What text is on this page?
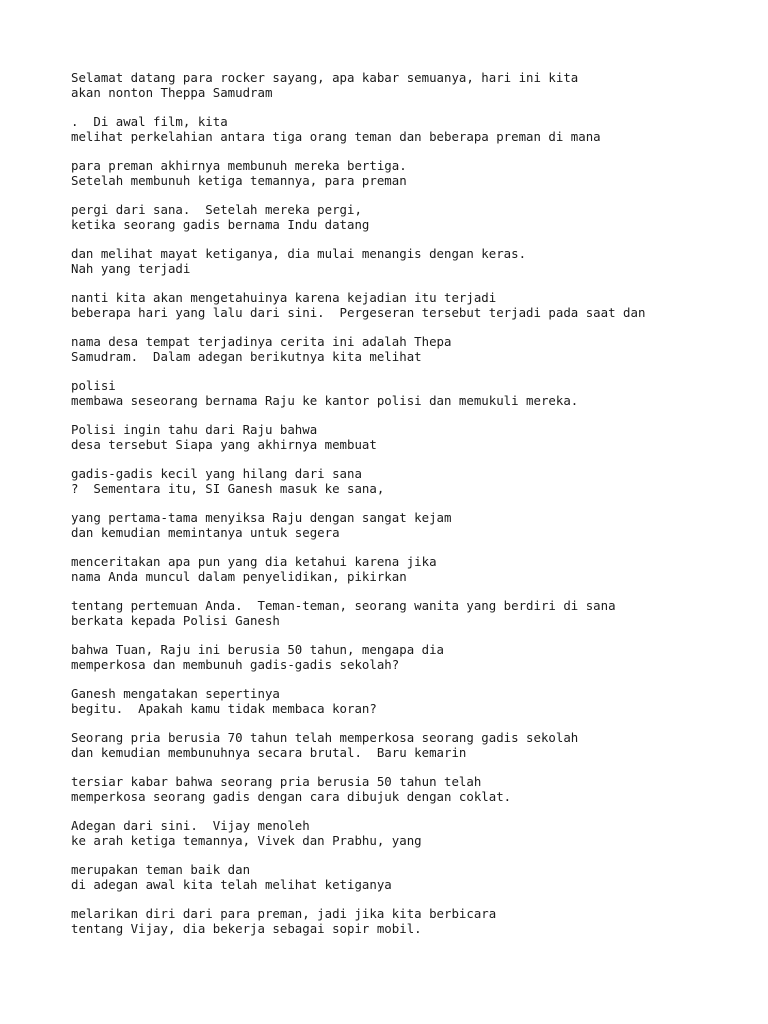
Selamat datang para rocker sayang, apa kabar semuanya, hari ini kita
akan nonton Theppa Samudram
.  Di awal film, kita
melihat perkelahian antara tiga orang teman dan beberapa preman di mana
para preman akhirnya membunuh mereka bertiga.
Setelah membunuh ketiga temannya, para preman
pergi dari sana.  Setelah mereka pergi,
ketika seorang gadis bernama Indu datang
dan melihat mayat ketiganya, dia mulai menangis dengan keras.
Nah yang terjadi
nanti kita akan mengetahuinya karena kejadian itu terjadi
beberapa hari yang lalu dari sini.  Pergeseran tersebut terjadi pada saat dan
nama desa tempat terjadinya cerita ini adalah Thepa
Samudram.  Dalam adegan berikutnya kita melihat
polisi
membawa seseorang bernama Raju ke kantor polisi dan memukuli mereka.
Polisi ingin tahu dari Raju bahwa
desa tersebut Siapa yang akhirnya membuat
gadis-gadis kecil yang hilang dari sana
?  Sementara itu, SI Ganesh masuk ke sana,
yang pertama-tama menyiksa Raju dengan sangat kejam
dan kemudian memintanya untuk segera
menceritakan apa pun yang dia ketahui karena jika
nama Anda muncul dalam penyelidikan, pikirkan
tentang pertemuan Anda.  Teman-teman, seorang wanita yang berdiri di sana
berkata kepada Polisi Ganesh
bahwa Tuan, Raju ini berusia 50 tahun, mengapa dia
memperkosa dan membunuh gadis-gadis sekolah?
Ganesh mengatakan sepertinya
begitu.  Apakah kamu tidak membaca koran?
Seorang pria berusia 70 tahun telah memperkosa seorang gadis sekolah
dan kemudian membunuhnya secara brutal.  Baru kemarin
tersiar kabar bahwa seorang pria berusia 50 tahun telah
memperkosa seorang gadis dengan cara dibujuk dengan coklat.
Adegan dari sini.  Vijay menoleh
ke arah ketiga temannya, Vivek dan Prabhu, yang
merupakan teman baik dan
di adegan awal kita telah melihat ketiganya
melarikan diri dari para preman, jadi jika kita berbicara
tentang Vijay, dia bekerja sebagai sopir mobil.
